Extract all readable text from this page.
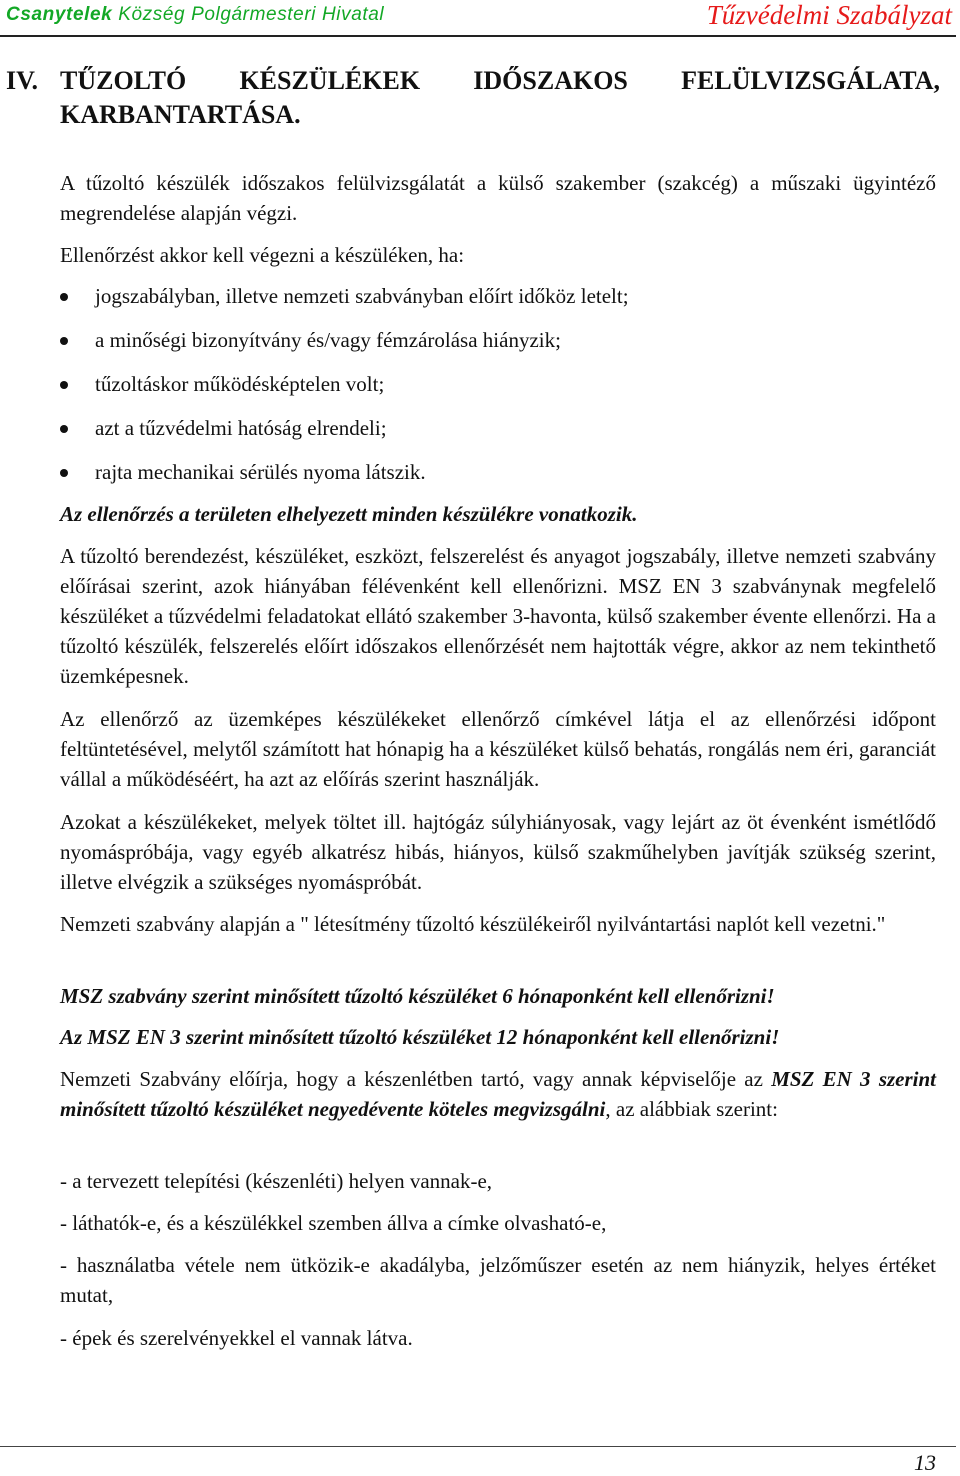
Csanytelek Község Polgármesteri Hivatal	Tűzvédelmi Szabályzat
IV. TŰZOLTÓ KÉSZÜLÉKEK IDŐSZAKOS FELÜLVIZSGÁLATA, KARBANTARTÁSA.

A tűzoltó készülék időszakos felülvizsgálatát a külső szakember (szakcég) a műszaki ügyintéző megrendelése alapján végzi.

Ellenőrzést akkor kell végezni a készüléken, ha:

jogszabályban, illetve nemzeti szabványban előírt időköz letelt;
a minőségi bizonyítvány és/vagy fémzárolása hiányzik;
tűzoltáskor működésképtelen volt;
azt a tűzvédelmi hatóság elrendeli;
rajta mechanikai sérülés nyoma látszik.

Az ellenőrzés a területen elhelyezett minden készülékre vonatkozik.

A tűzoltó berendezést, készüléket, eszközt, felszerelést és anyagot jogszabály, illetve nemzeti szabvány előírásai szerint, azok hiányában félévenként kell ellenőrizni. MSZ EN 3 szabványnak megfelelő készüléket a tűzvédelmi feladatokat ellátó szakember 3-havonta, külső szakember évente ellenőrzi. Ha a tűzoltó készülék, felszerelés előírt időszakos ellenőrzését nem hajtották végre, akkor az nem tekinthető üzemképesnek.

Az ellenőrző az üzemképes készülékeket ellenőrző címkével látja el az ellenőrzési időpont feltüntetésével, melytől számított hat hónapig ha a készüléket külső behatás, rongálás nem éri, garanciát vállal a működéséért, ha azt az előírás szerint használják.

Azokat a készülékeket, melyek töltet ill. hajtógáz súlyhiányosak, vagy lejárt az öt évenként ismétlődő nyomáspróbája, vagy egyéb alkatrész hibás, hiányos, külső szakműhelyben javítják szükség szerint, illetve elvégzik a szükséges nyomáspróbát.

Nemzeti szabvány alapján a " létesítmény tűzoltó készülékeiről nyilvántartási naplót kell vezetni."

MSZ szabvány szerint minősített tűzoltó készüléket 6 hónaponként kell ellenőrizni!

Az MSZ EN 3 szerint minősített tűzoltó készüléket 12 hónaponként kell ellenőrizni!

Nemzeti Szabvány előírja, hogy a készenlétben tartó, vagy annak képviselője az MSZ EN 3 szerint minősített tűzoltó készüléket negyedévente köteles megvizsgálni, az alábbiak szerint:

- a tervezett telepítési (készenléti) helyen vannak-e,

- láthatók-e, és a készülékkel szemben állva a címke olvasható-e,

- használatba vétele nem ütközik-e akadályba, jelzőműszer esetén az nem hiányzik, helyes értéket mutat,

- épek és szerelvényekkel el vannak látva.

13
